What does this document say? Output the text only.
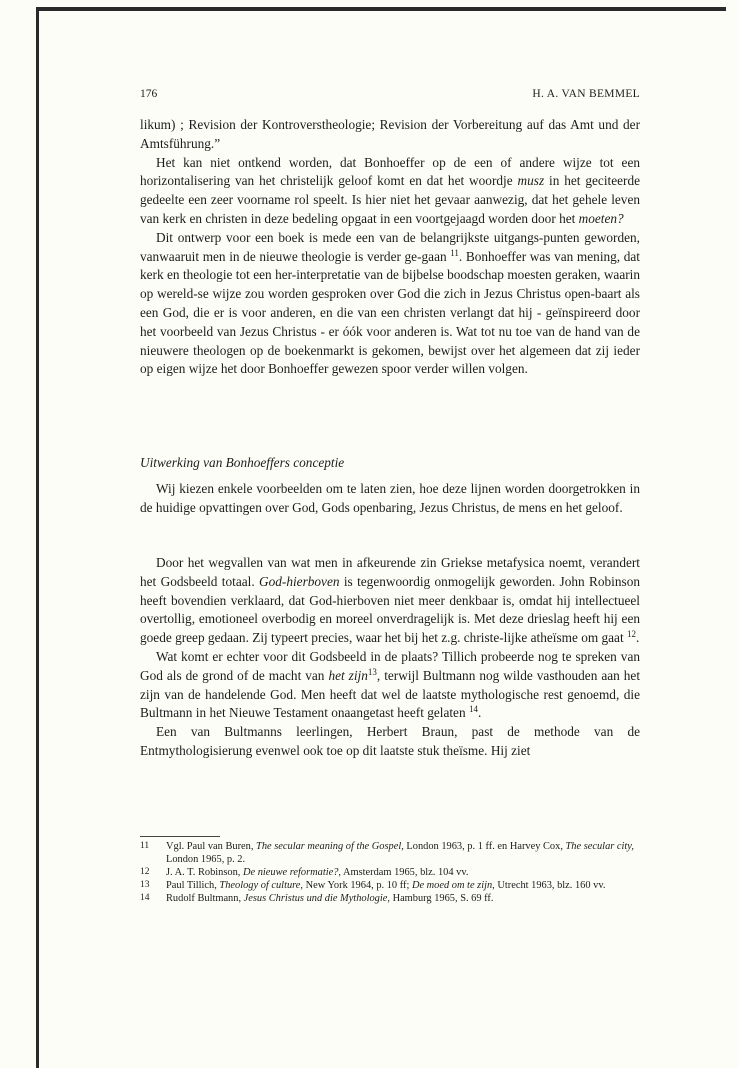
176	H. A. VAN BEMMEL

likum) ; Revision der Kontroverstheologie; Revision der Vorbereitung auf das Amt und der Amtsführung.”

Het kan niet ontkend worden, dat Bonhoeffer op de een of andere wijze tot een horizontalisering van het christelijk geloof komt en dat het woordje musz in het geciteerde gedeelte een zeer voorname rol speelt. Is hier niet het gevaar aanwezig, dat het gehele leven van kerk en christen in deze bedeling opgaat in een voortgejaagd worden door het moeten?

Dit ontwerp voor een boek is mede een van de belangrijkste uitgangs-punten geworden, vanwaaruit men in de nieuwe theologie is verder ge-gaan $^{11}$. Bonhoeffer was van mening, dat kerk en theologie tot een her-interpretatie van de bijbelse boodschap moesten geraken, waarin op wereld-se wijze zou worden gesproken over God die zich in Jezus Christus open-baart als een God, die er is voor anderen, en die van een christen verlangt dat hij - geïnspireerd door het voorbeeld van Jezus Christus - er óók voor anderen is. Wat tot nu toe van de hand van de nieuwere theologen op de boekenmarkt is gekomen, bewijst over het algemeen dat zij ieder op eigen wijze het door Bonhoeffer gewezen spoor verder willen volgen.

Uitwerking van Bonhoeffers conceptie

Wij kiezen enkele voorbeelden om te laten zien, hoe deze lijnen worden doorgetrokken in de huidige opvattingen over God, Gods openbaring, Jezus Christus, de mens en het geloof.

Door het wegvallen van wat men in afkeurende zin Griekse metafysica noemt, verandert het Godsbeeld totaal. God-hierboven is tegenwoordig onmogelijk geworden. John Robinson heeft bovendien verklaard, dat God-hierboven niet meer denkbaar is, omdat hij intellectueel overtollig, emotioneel overbodig en moreel onverdragelijk is. Met deze drieslag heeft hij een goede greep gedaan. Zij typeert precies, waar het bij het z.g. christe-lijke atheïsme om gaat $^{12}$.

Wat komt er echter voor dit Godsbeeld in de plaats? Tillich probeerde nog te spreken van God als de grond of de macht van het zijn$^{13}$, terwijl Bultmann nog wilde vasthouden aan het zijn van de handelende God. Men heeft dat wel de laatste mythologische rest genoemd, die Bultmann in het Nieuwe Testament onaangetast heeft gelaten $^{14}$.

Een van Bultmanns leerlingen, Herbert Braun, past de methode van de Entmythologisierung evenwel ook toe op dit laatste stuk theïsme. Hij ziet

11	Vgl. Paul van Buren, The secular meaning of the Gospel, London 1963, p. 1 ff. en Harvey Cox, The secular city, London 1965, p. 2.
12	J. A. T. Robinson, De nieuwe reformatie?, Amsterdam 1965, blz. 104 vv.
13	Paul Tillich, Theology of culture, New York 1964, p. 10 ff; De moed om te zijn, Utrecht 1963, blz. 160 vv.
14	Rudolf Bultmann, Jesus Christus und die Mythologie, Hamburg 1965, S. 69 ff.
